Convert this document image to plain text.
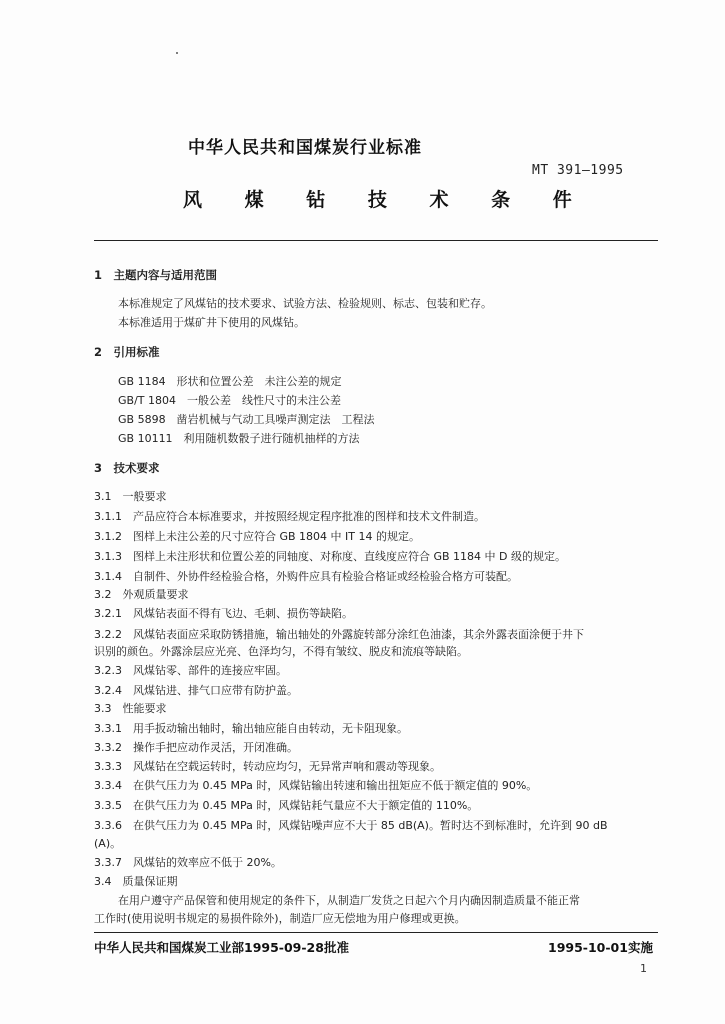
中华人民共和国煤炭行业标准
MT 391—1995
风 煤 钻 技 术 条 件
1　主题内容与适用范围
本标准规定了风煤钻的技术要求、试验方法、检验规则、标志、包装和贮存。
本标准适用于煤矿井下使用的风煤钻。
2　引用标准
GB 1184　形状和位置公差　未注公差的规定
GB/T 1804　一般公差　线性尺寸的未注公差
GB 5898　凿岩机械与气动工具噪声测定法　工程法
GB 10111　利用随机数骰子进行随机抽样的方法
3　技术要求
3.1　一般要求
3.1.1　产品应符合本标准要求，并按照经规定程序批准的图样和技术文件制造。
3.1.2　图样上未注公差的尺寸应符合 GB 1804 中 IT 14 的规定。
3.1.3　图样上未注形状和位置公差的同轴度、对称度、直线度应符合 GB 1184 中 D 级的规定。
3.1.4　自制件、外协件经检验合格，外购件应具有检验合格证或经检验合格方可装配。
3.2　外观质量要求
3.2.1　风煤钻表面不得有飞边、毛刺、损伤等缺陷。
3.2.2　风煤钻表面应采取防锈措施，输出轴处的外露旋转部分涂红色油漆，其余外露表面涂便于井下
识别的颜色。外露涂层应光亮、色泽均匀，不得有皱纹、脱皮和流痕等缺陷。
3.2.3　风煤钻零、部件的连接应牢固。
3.2.4　风煤钻进、排气口应带有防护盖。
3.3　性能要求
3.3.1　用手扳动输出轴时，输出轴应能自由转动，无卡阻现象。
3.3.2　操作手把应动作灵活，开闭准确。
3.3.3　风煤钻在空载运转时，转动应均匀，无异常声响和震动等现象。
3.3.4　在供气压力为 0.45 MPa 时，风煤钻输出转速和输出扭矩应不低于额定值的 90%。
3.3.5　在供气压力为 0.45 MPa 时，风煤钻耗气量应不大于额定值的 110%。
3.3.6　在供气压力为 0.45 MPa 时，风煤钻噪声应不大于 85 dB(A)。暂时达不到标准时，允许到 90 dB
(A)。
3.3.7　风煤钻的效率应不低于 20%。
3.4　质量保证期
在用户遵守产品保管和使用规定的条件下，从制造厂发货之日起六个月内确因制造质量不能正常
工作时(使用说明书规定的易损件除外)，制造厂应无偿地为用户修理或更换。
中华人民共和国煤炭工业部1995-09-28批准	1995-10-01实施
1
